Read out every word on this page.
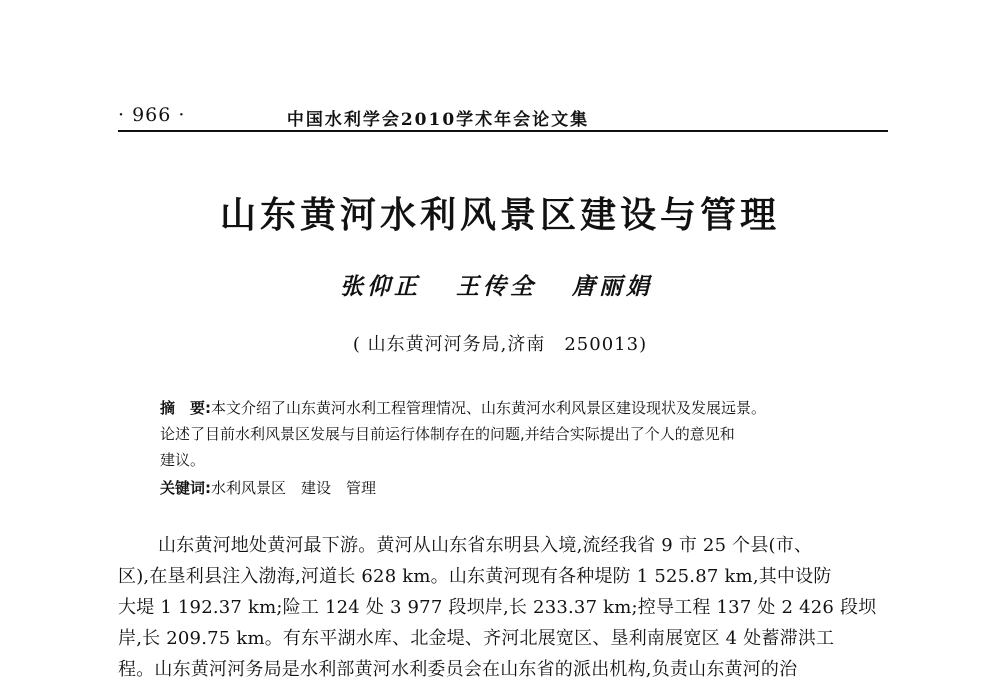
· 966 ·	中国水利学会2010学术年会论文集
山东黄河水利风景区建设与管理
张仰正 王传全 唐丽娟
( 山东黄河河务局,济南　250013)
摘　要:本文介绍了山东黄河水利工程管理情况、山东黄河水利风景区建设现状及发展远景。
论述了目前水利风景区发展与目前运行体制存在的问题,并结合实际提出了个人的意见和
建议。
关键词:水利风景区　建设　管理
山东黄河地处黄河最下游。黄河从山东省东明县入境,流经我省 9 市 25 个县(市、
区),在垦利县注入渤海,河道长 628 km。山东黄河现有各种堤防 1 525.87 km,其中设防
大堤 1 192.37 km;险工 124 处 3 977 段坝岸,长 233.37 km;控导工程 137 处 2 426 段坝
岸,长 209.75 km。有东平湖水库、北金堤、齐河北展宽区、垦利南展宽区 4 处蓄滞洪工
程。山东黄河河务局是水利部黄河水利委员会在山东省的派出机构,负责山东黄河的治
